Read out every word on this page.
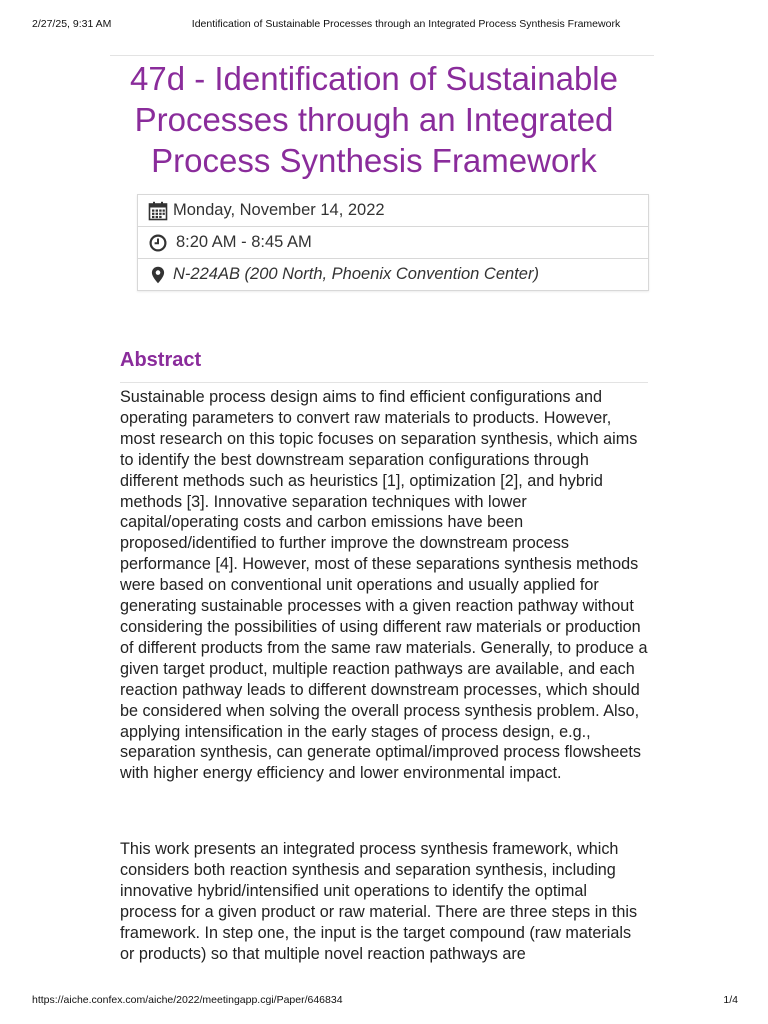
2/27/25, 9:31 AM	Identification of Sustainable Processes through an Integrated Process Synthesis Framework
47d - Identification of Sustainable Processes through an Integrated Process Synthesis Framework
Monday, November 14, 2022
8:20 AM - 8:45 AM
N-224AB (200 North, Phoenix Convention Center)
Abstract

Sustainable process design aims to find efficient configurations and operating parameters to convert raw materials to products. However, most research on this topic focuses on separation synthesis, which aims to identify the best downstream separation configurations through different methods such as heuristics [1], optimization [2], and hybrid methods [3]. Innovative separation techniques with lower capital/operating costs and carbon emissions have been proposed/identified to further improve the downstream process performance [4]. However, most of these separations synthesis methods were based on conventional unit operations and usually applied for generating sustainable processes with a given reaction pathway without considering the possibilities of using different raw materials or production of different products from the same raw materials. Generally, to produce a given target product, multiple reaction pathways are available, and each reaction pathway leads to different downstream processes, which should be considered when solving the overall process synthesis problem. Also, applying intensification in the early stages of process design, e.g., separation synthesis, can generate optimal/improved process flowsheets with higher energy efficiency and lower environmental impact.

This work presents an integrated process synthesis framework, which considers both reaction synthesis and separation synthesis, including innovative hybrid/intensified unit operations to identify the optimal process for a given product or raw material. There are three steps in this framework. In step one, the input is the target compound (raw materials or products) so that multiple novel reaction pathways are

https://aiche.confex.com/aiche/2022/meetingapp.cgi/Paper/646834	1/4
